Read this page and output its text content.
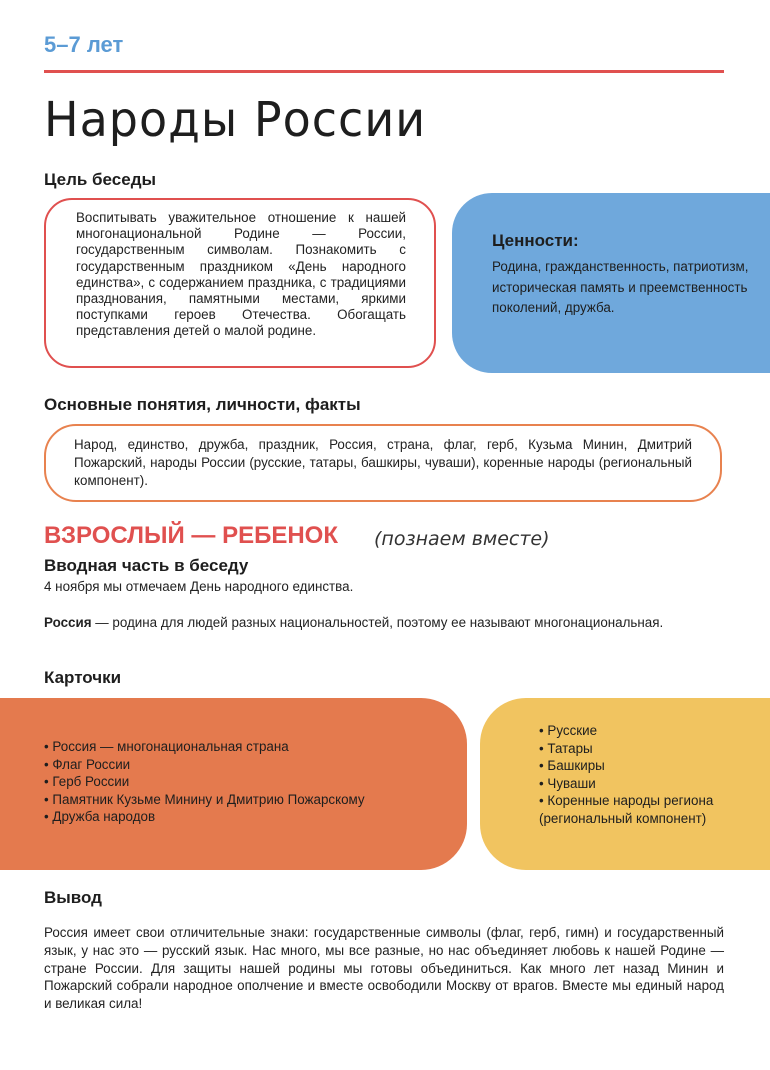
5–7 лет
Народы России
Цель беседы
Воспитывать уважительное отношение к нашей многонациональной Родине — России, государственным символам. Познакомить с государственным праздником «День народного единства», с содержанием праздника, с традициями празднования, памятными местами, яркими поступками героев Отечества. Обогащать представления детей о малой родине.
Ценности:
Родина, гражданственность, патриотизм, историческая память и преемственность поколений, дружба.
Основные понятия, личности, факты
Народ, единство, дружба, праздник, Россия, страна, флаг, герб, Кузьма Минин, Дмитрий Пожарский, народы России (русские, татары, башкиры, чуваши), коренные народы (региональный компонент).
ВЗРОСЛЫЙ — РЕБЕНОК (познаем вместе)
Вводная часть в беседу
4 ноября мы отмечаем День народного единства.
Россия — родина для людей разных национальностей, поэтому ее называют многонациональная.
Карточки
• Россия — многонациональная страна
• Флаг России
• Герб России
• Памятник Кузьме Минину и Дмитрию Пожарскому
• Дружба народов
• Русские
• Татары
• Башкиры
• Чуваши
• Коренные народы региона (региональный компонент)
Вывод
Россия имеет свои отличительные знаки: государственные символы (флаг, герб, гимн) и государственный язык, у нас это — русский язык. Нас много, мы все разные, но нас объединяет любовь к нашей Родине — стране России. Для защиты нашей родины мы готовы объединиться. Как много лет назад Минин и Пожарский собрали народное ополчение и вместе освободили Москву от врагов. Вместе мы единый народ и великая сила!
